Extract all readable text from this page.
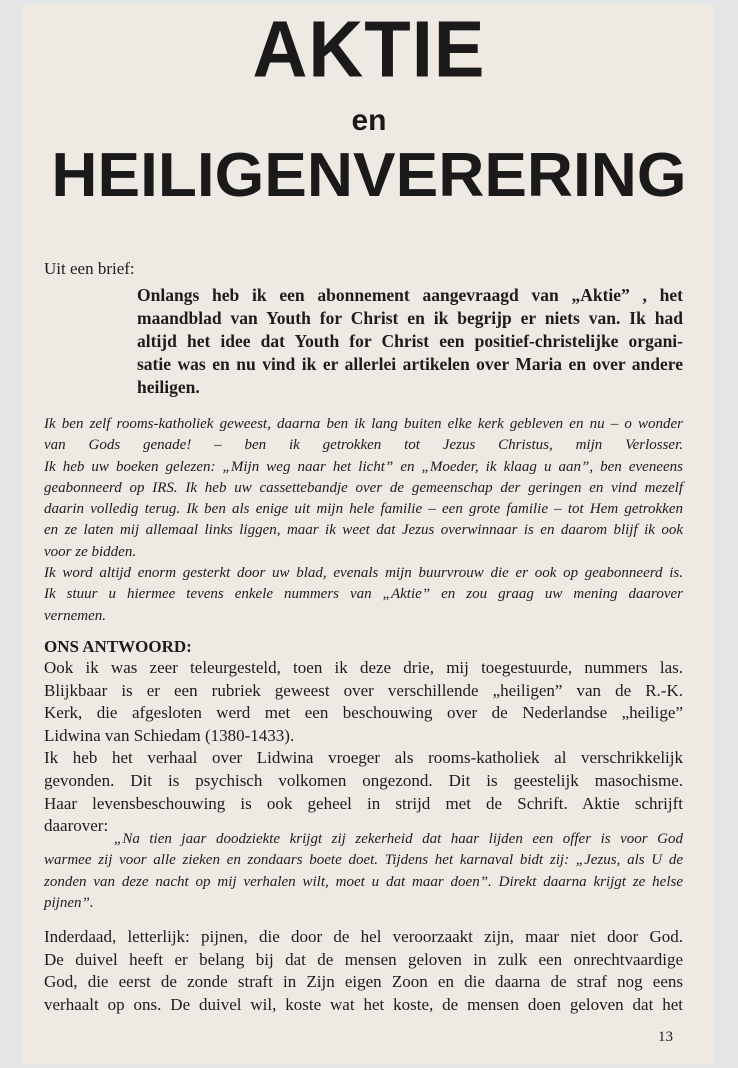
AKTIE
en
HEILIGENVERERING
Uit een brief:
Onlangs heb ik een abonnement aangevraagd van „Aktie” , het
maandblad van Youth for Christ en ik begrijp er niets van. Ik had
altijd het idee dat Youth for Christ een positief-christelijke organi-
satie was en nu vind ik er allerlei artikelen over Maria en over andere
heiligen.
Ik ben zelf rooms-katholiek geweest, daarna ben ik lang buiten elke kerk gebleven en nu – o wonder
van Gods genade! – ben ik getrokken tot Jezus Christus, mijn Verlosser.
Ik heb uw boeken gelezen: „Mijn weg naar het licht” en „Moeder, ik klaag u aan”, ben eveneens
geabonneerd op IRS. Ik heb uw cassettebandje over de gemeenschap der geringen en vind mezelf
daarin volledig terug. Ik ben als enige uit mijn hele familie – een grote familie – tot Hem getrokken
en ze laten mij allemaal links liggen, maar ik weet dat Jezus overwinnaar is en daarom blijf ik ook
voor ze bidden.
Ik word altijd enorm gesterkt door uw blad, evenals mijn buurvrouw die er ook op geabonneerd is.
Ik stuur u hiermee tevens enkele nummers van „Aktie” en zou graag uw mening daarover
vernemen.
ONS ANTWOORD:
Ook ik was zeer teleurgesteld, toen ik deze drie, mij toegestuurde, nummers las.
Blijkbaar is er een rubriek geweest over verschillende „heiligen” van de R.-K.
Kerk, die afgesloten werd met een beschouwing over de Nederlandse „heilige”
Lidwina van Schiedam (1380-1433).
Ik heb het verhaal over Lidwina vroeger als rooms-katholiek al verschrikkelijk
gevonden. Dit is psychisch volkomen ongezond. Dit is geestelijk masochisme.
Haar levensbeschouwing is ook geheel in strijd met de Schrift. Aktie schrijft
daarover:
„Na tien jaar doodziekte krijgt zij zekerheid dat haar lijden een offer is voor God
warmee zij voor alle zieken en zondaars boete doet. Tijdens het karnaval bidt zij: „Jezus, als U de
zonden van deze nacht op mij verhalen wilt, moet u dat maar doen”. Direkt daarna krijgt ze helse
pijnen”.
Inderdaad, letterlijk: pijnen, die door de hel veroorzaakt zijn, maar niet door God.
De duivel heeft er belang bij dat de mensen geloven in zulk een onrechtvaardige
God, die eerst de zonde straft in Zijn eigen Zoon en die daarna de straf nog eens
verhaalt op ons. De duivel wil, koste wat het koste, de mensen doen geloven dat het
13
